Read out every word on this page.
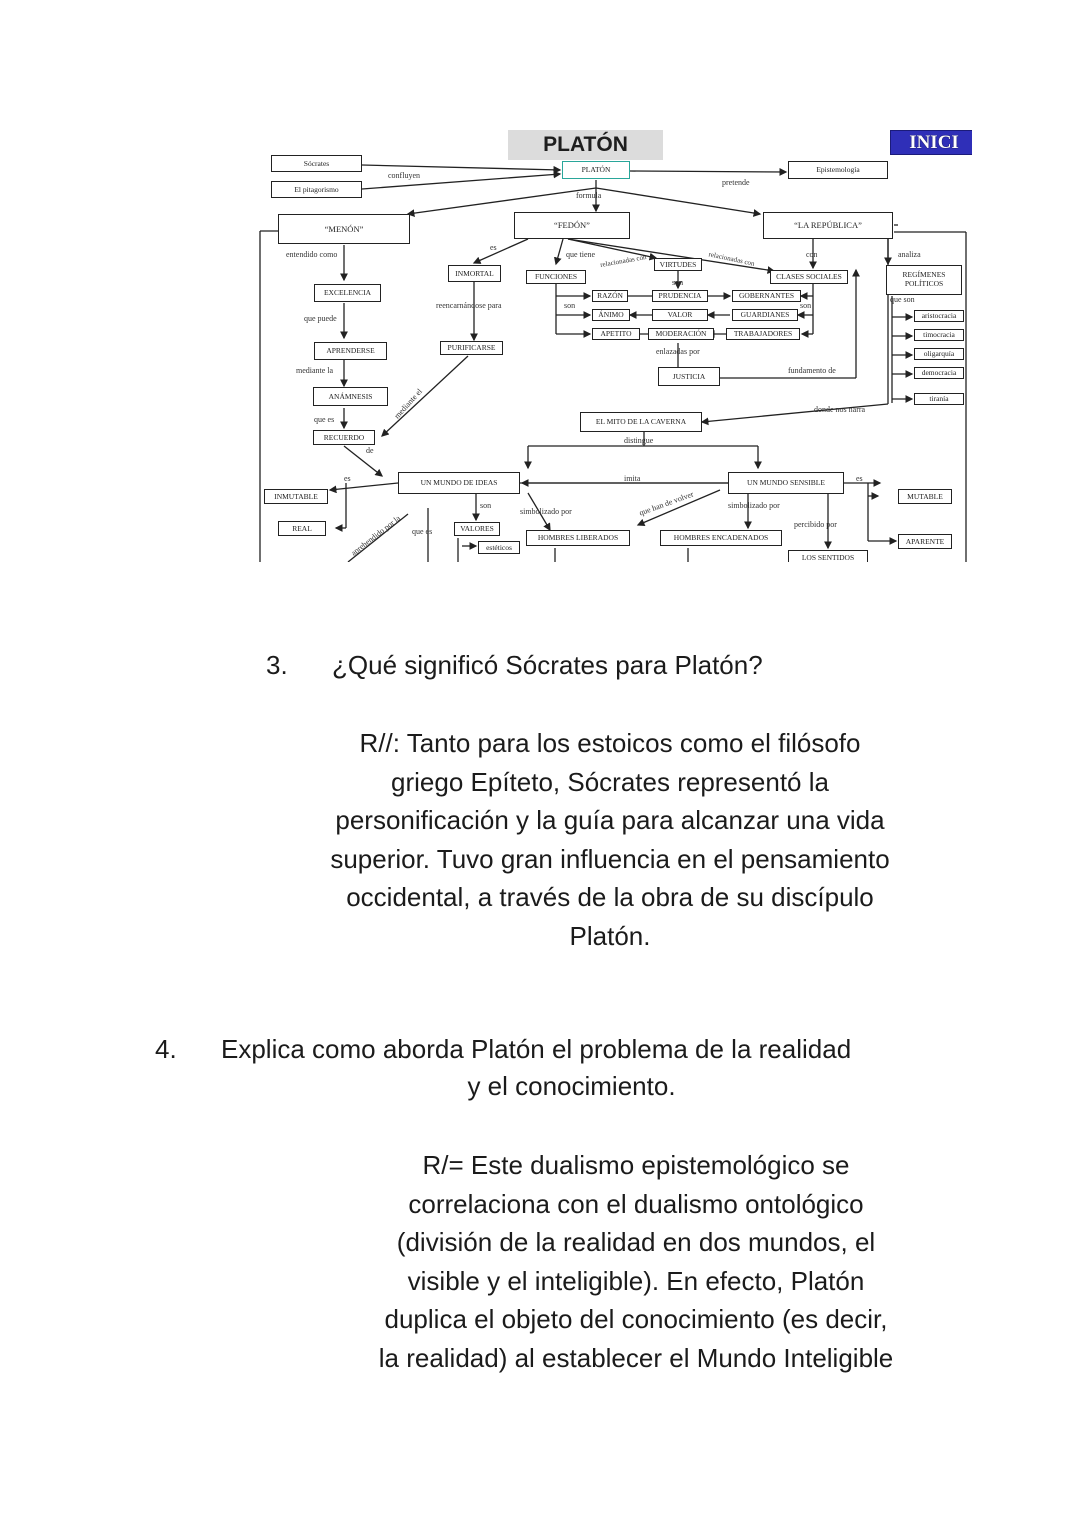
PLATÓN	INICI
Sócrates
El pitagorismo
PLATÓN	Epistemología
“MENÓN”	“FEDÓN”	“LA REPÚBLICA”
INMORTAL	FUNCIONES
VIRTUDES
CLASES SOCIALES	REGÍMENES POLÍTICOS
EXCELENCIA	RAZÓN	PRUDENCIA	GOBERNANTES
ÁNIMO	VALOR	GUARDIANES
APETITO	MODERACIÓN	TRABAJADORES
aristocracia
timocracia
oligarquía
democracia
tiranía
PURIFICARSE
APRENDERSE
JUSTICIA
ANÁMNESIS
RECUERDO
EL MITO DE LA CAVERNA
UN MUNDO DE IDEAS	UN MUNDO SENSIBLE
INMUTABLE	MUTABLE
REAL	VALORES
estéticos
HOMBRES LIBERADOS	HOMBRES ENCADENADOS	APARENTE
LOS SENTIDOS
confluyen
pretende
formula
entendido como
es
que tiene relacionadas con	relacionadas con	con	analiza
son
son	son
que son
que puede
reencarnándose para
enlazadas por
mediante la
mediante el
fundamento de
que es
donde nos narra
de
distingue
es	es
imita
son
simbolizado por	que han de volver	simbolizado por
percibido por
aprehendido por la que es
3. ¿Qué significó Sócrates para Platón?
R//: Tanto para los estoicos como el filósofo
griego Epíteto, Sócrates representó la
personificación y la guía para alcanzar una vida
superior. Tuvo gran influencia en el pensamiento
occidental, a través de la obra de su discípulo
Platón.
4. Explica como aborda Platón el problema de la realidad
y el conocimiento.
R/= Este dualismo epistemológico se
correlaciona con el dualismo ontológico
(división de la realidad en dos mundos, el
visible y el inteligible). En efecto, Platón
duplica el objeto del conocimiento (es decir,
la realidad) al establecer el Mundo Inteligible
